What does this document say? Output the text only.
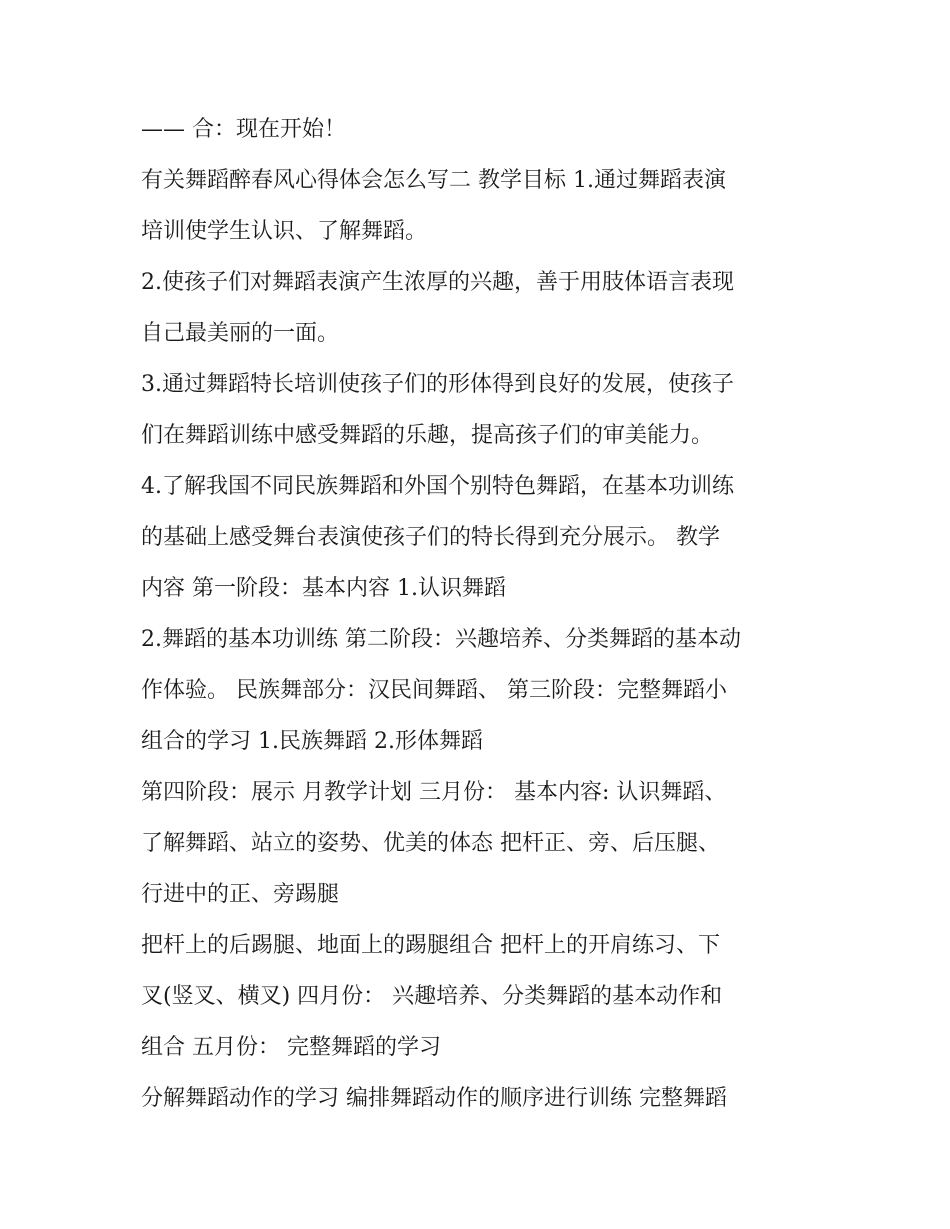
—— 合：现在开始！
有关舞蹈醉春风心得体会怎么写二 教学目标 1.通过舞蹈表演
培训使学生认识、了解舞蹈。
2.使孩子们对舞蹈表演产生浓厚的兴趣，善于用肢体语言表现
自己最美丽的一面。
3.通过舞蹈特长培训使孩子们的形体得到良好的发展，使孩子
们在舞蹈训练中感受舞蹈的乐趣，提高孩子们的审美能力。
4.了解我国不同民族舞蹈和外国个别特色舞蹈，在基本功训练
的基础上感受舞台表演使孩子们的特长得到充分展示。 教学
内容 第一阶段：基本内容 1.认识舞蹈
2.舞蹈的基本功训练 第二阶段：兴趣培养、分类舞蹈的基本动
作体验。 民族舞部分：汉民间舞蹈、 第三阶段：完整舞蹈小
组合的学习 1.民族舞蹈 2.形体舞蹈
第四阶段：展示 月教学计划 三月份： 基本内容: 认识舞蹈、
了解舞蹈、站立的姿势、优美的体态 把杆正、旁、后压腿、
行进中的正、旁踢腿
把杆上的后踢腿、地面上的踢腿组合 把杆上的开肩练习、下
叉(竖叉、横叉) 四月份： 兴趣培养、分类舞蹈的基本动作和
组合 五月份： 完整舞蹈的学习
分解舞蹈动作的学习 编排舞蹈动作的顺序进行训练 完整舞蹈
